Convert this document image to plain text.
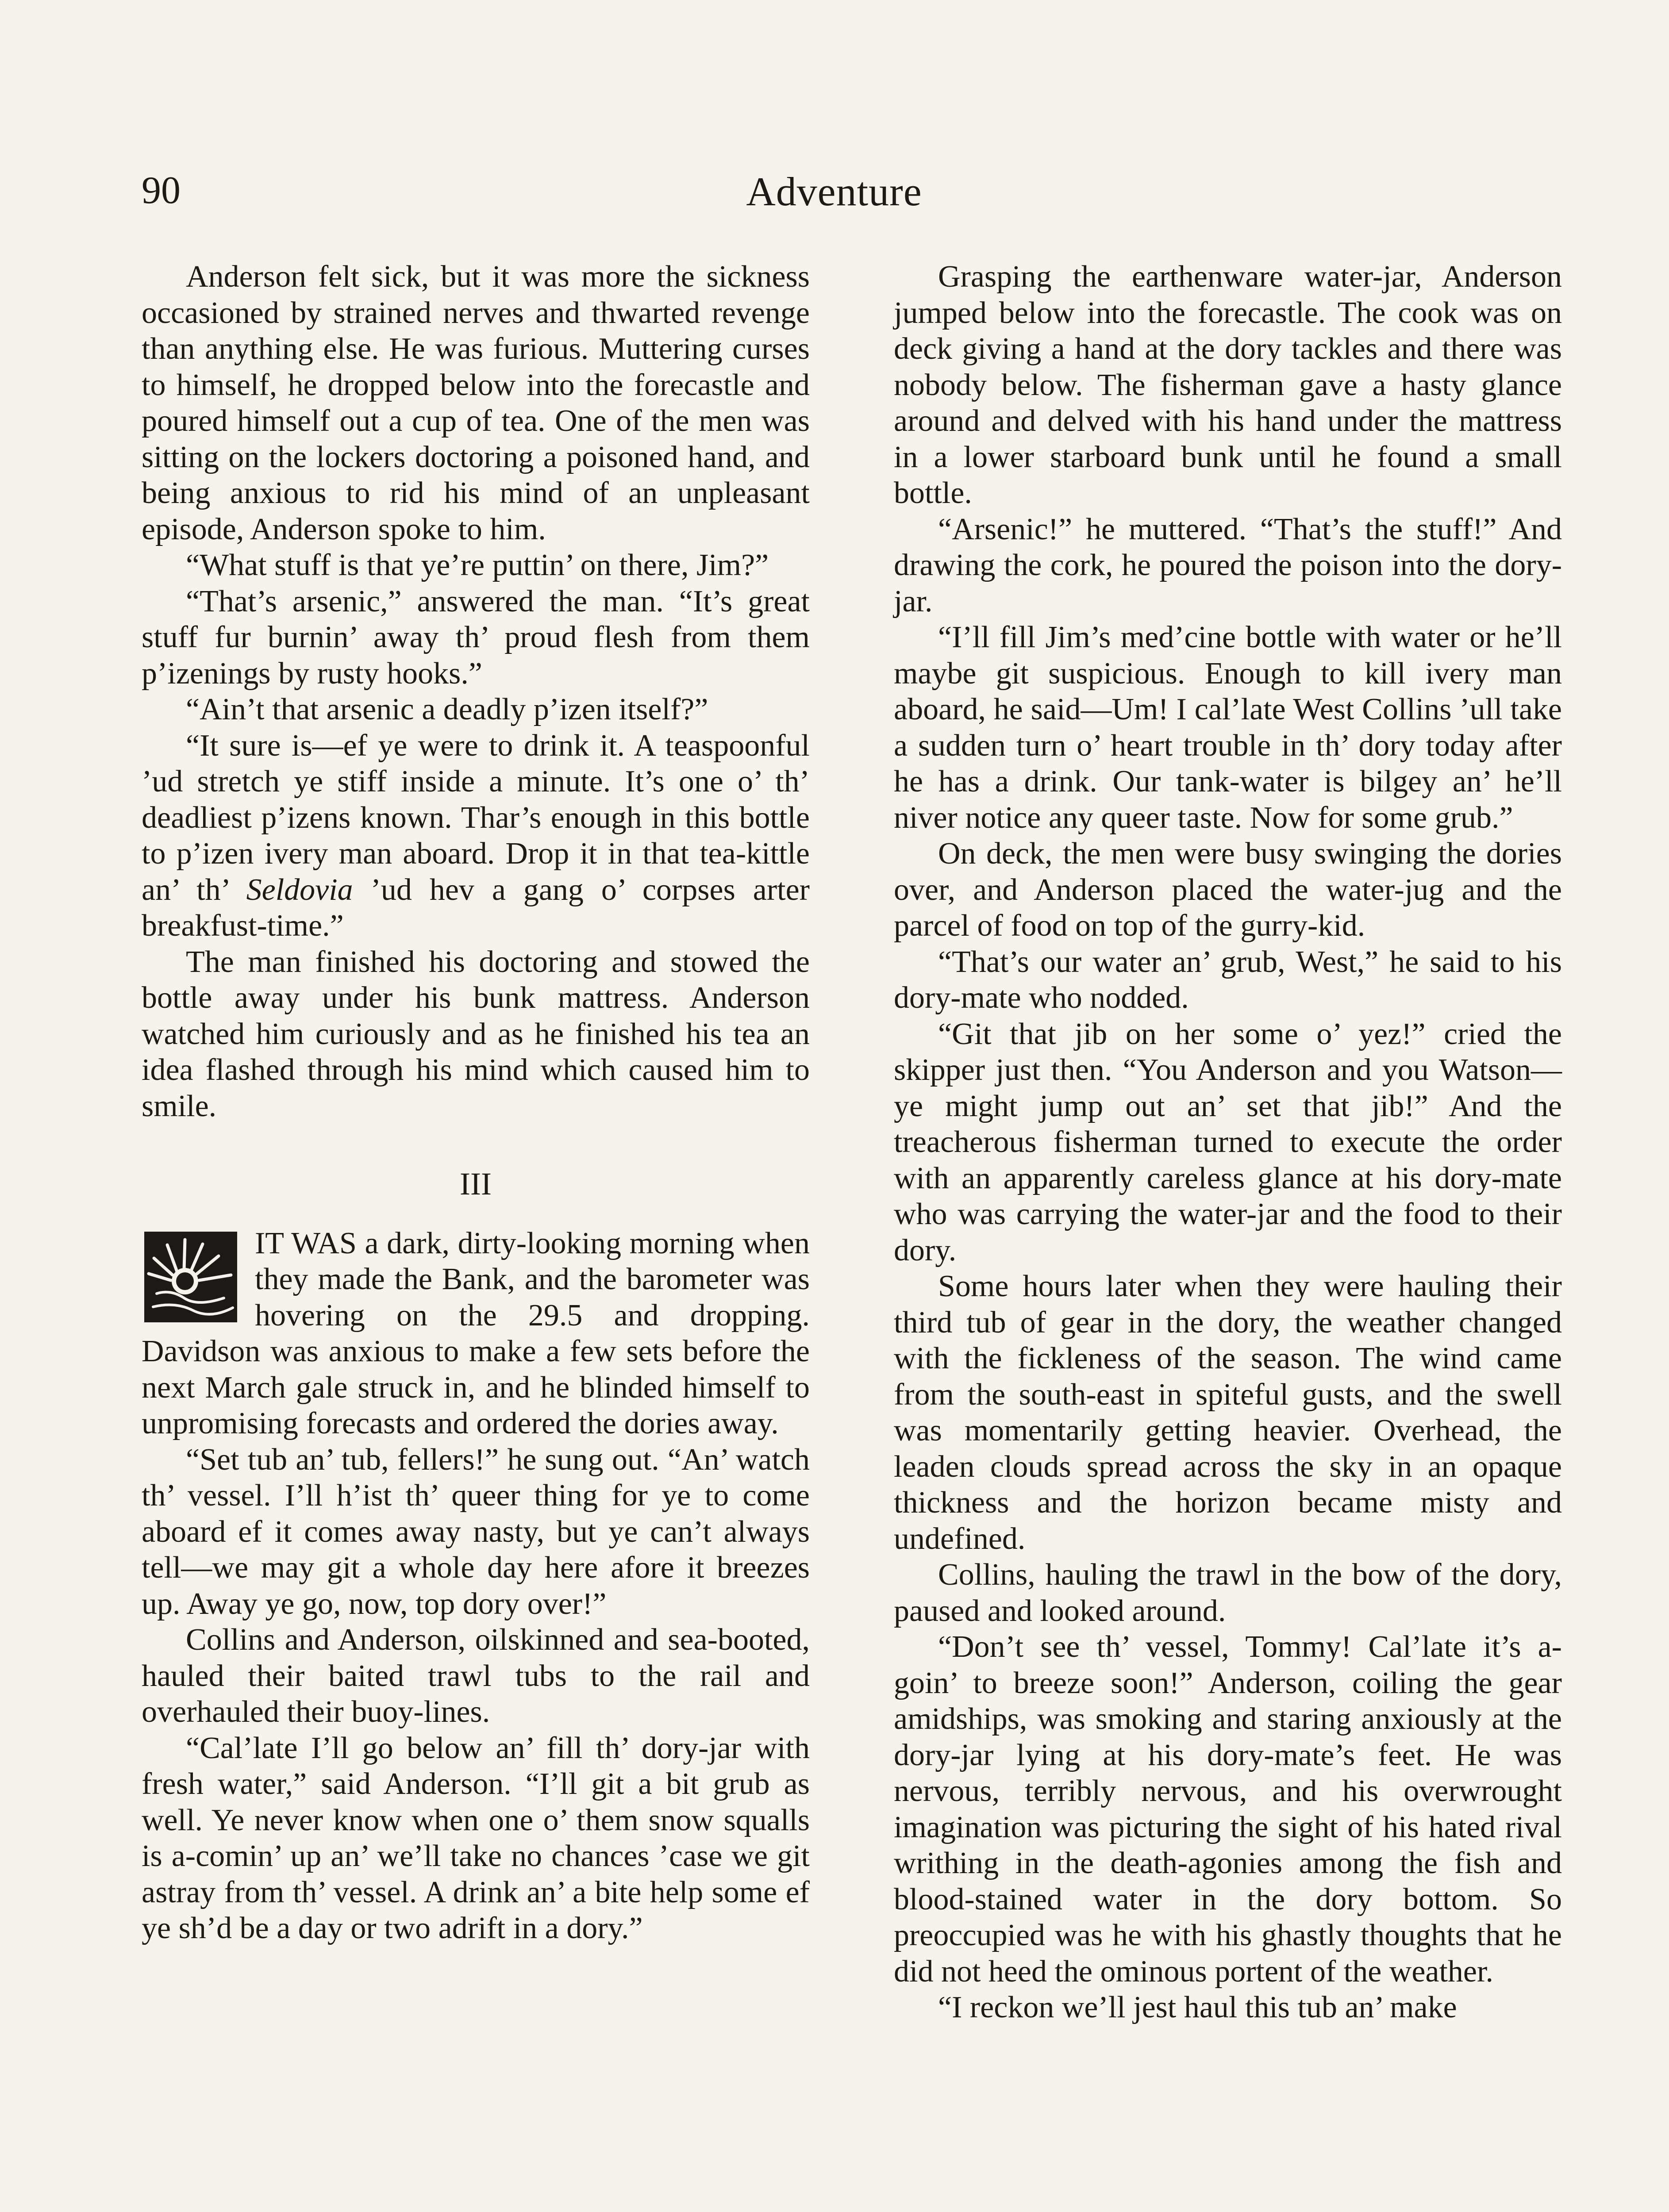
90	Adventure

Anderson felt sick, but it was more the sickness occasioned by strained nerves and thwarted revenge than anything else. He was furious. Muttering curses to himself, he dropped below into the forecastle and poured himself out a cup of tea. One of the men was sitting on the lockers doctoring a poisoned hand, and being anxious to rid his mind of an unpleasant episode, Anderson spoke to him.

“What stuff is that ye’re puttin’ on there, Jim?”

“That’s arsenic,” answered the man. “It’s great stuff fur burnin’ away th’ proud flesh from them p’izenings by rusty hooks.”

“Ain’t that arsenic a deadly p’izen itself?”

“It sure is—ef ye were to drink it. A teaspoonful ’ud stretch ye stiff inside a minute. It’s one o’ th’ deadliest p’izens known. Thar’s enough in this bottle to p’izen ivery man aboard. Drop it in that tea-kittle an’ th’ Seldovia ’ud hev a gang o’ corpses arter breakfust-time.”

The man finished his doctoring and stowed the bottle away under his bunk mattress. Anderson watched him curiously and as he finished his tea an idea flashed through his mind which caused him to smile.

III

IT WAS a dark, dirty-looking morning when they made the Bank, and the barometer was hovering on the 29.5 and dropping. Davidson was anxious to make a few sets before the next March gale struck in, and he blinded himself to unpromising forecasts and ordered the dories away.

“Set tub an’ tub, fellers!” he sung out. “An’ watch th’ vessel. I’ll h’ist th’ queer thing for ye to come aboard ef it comes away nasty, but ye can’t always tell—we may git a whole day here afore it breezes up. Away ye go, now, top dory over!”

Collins and Anderson, oilskinned and sea-booted, hauled their baited trawl tubs to the rail and overhauled their buoy-lines.

“Cal’late I’ll go below an’ fill th’ dory-jar with fresh water,” said Anderson. “I’ll git a bit grub as well. Ye never know when one o’ them snow squalls is a-comin’ up an’ we’ll take no chances ’case we git astray from th’ vessel. A drink an’ a bite help some ef ye sh’d be a day or two adrift in a dory.”

Grasping the earthenware water-jar, Anderson jumped below into the forecastle. The cook was on deck giving a hand at the dory tackles and there was nobody below. The fisherman gave a hasty glance around and delved with his hand under the mattress in a lower starboard bunk until he found a small bottle.

“Arsenic!” he muttered. “That’s the stuff!” And drawing the cork, he poured the poison into the dory-jar.

“I’ll fill Jim’s med’cine bottle with water or he’ll maybe git suspicious. Enough to kill ivery man aboard, he said—Um! I cal’late West Collins ’ull take a sudden turn o’ heart trouble in th’ dory today after he has a drink. Our tank-water is bilgey an’ he’ll niver notice any queer taste. Now for some grub.”

On deck, the men were busy swinging the dories over, and Anderson placed the water-jug and the parcel of food on top of the gurry-kid.

“That’s our water an’ grub, West,” he said to his dory-mate who nodded.

“Git that jib on her some o’ yez!” cried the skipper just then. “You Anderson and you Watson—ye might jump out an’ set that jib!” And the treacherous fisherman turned to execute the order with an apparently careless glance at his dory-mate who was carrying the water-jar and the food to their dory.

Some hours later when they were hauling their third tub of gear in the dory, the weather changed with the fickleness of the season. The wind came from the south-east in spiteful gusts, and the swell was momentarily getting heavier. Overhead, the leaden clouds spread across the sky in an opaque thickness and the horizon became misty and undefined.

Collins, hauling the trawl in the bow of the dory, paused and looked around.

“Don’t see th’ vessel, Tommy! Cal’late it’s a-goin’ to breeze soon!” Anderson, coiling the gear amidships, was smoking and staring anxiously at the dory-jar lying at his dory-mate’s feet. He was nervous, terribly nervous, and his overwrought imagination was picturing the sight of his hated rival writhing in the death-agonies among the fish and blood-stained water in the dory bottom. So preoccupied was he with his ghastly thoughts that he did not heed the ominous portent of the weather.

“I reckon we’ll jest haul this tub an’ make
